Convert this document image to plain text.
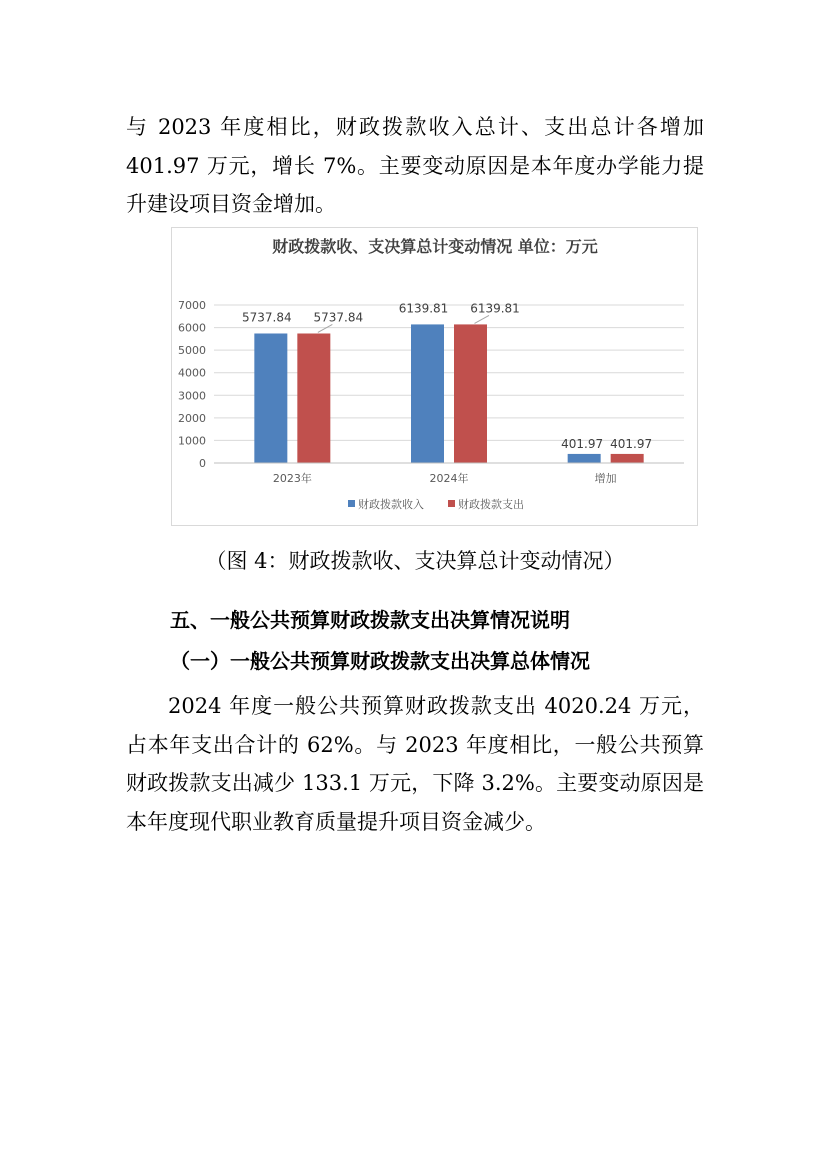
与 2023 年度相比，财政拨款收入总计、支出总计各增加 401.97 万元，增长 7%。主要变动原因是本年度办学能力提升建设项目资金增加。

财政拨款收、支决算总计变动情况 单位：万元
0
1000
2000
3000
4000
5000
6000
7000
5737.84 5737.84
6139.81 6139.81
401.97 401.97
2023年	2024年	增加
财政拨款收入	财政拨款支出

（图 4：财政拨款收、支决算总计变动情况）

五、一般公共预算财政拨款支出决算情况说明

（一）一般公共预算财政拨款支出决算总体情况

2024 年度一般公共预算财政拨款支出 4020.24 万元，占本年支出合计的 62%。与 2023 年度相比，一般公共预算财政拨款支出减少 133.1 万元，下降 3.2%。主要变动原因是本年度现代职业教育质量提升项目资金减少。
